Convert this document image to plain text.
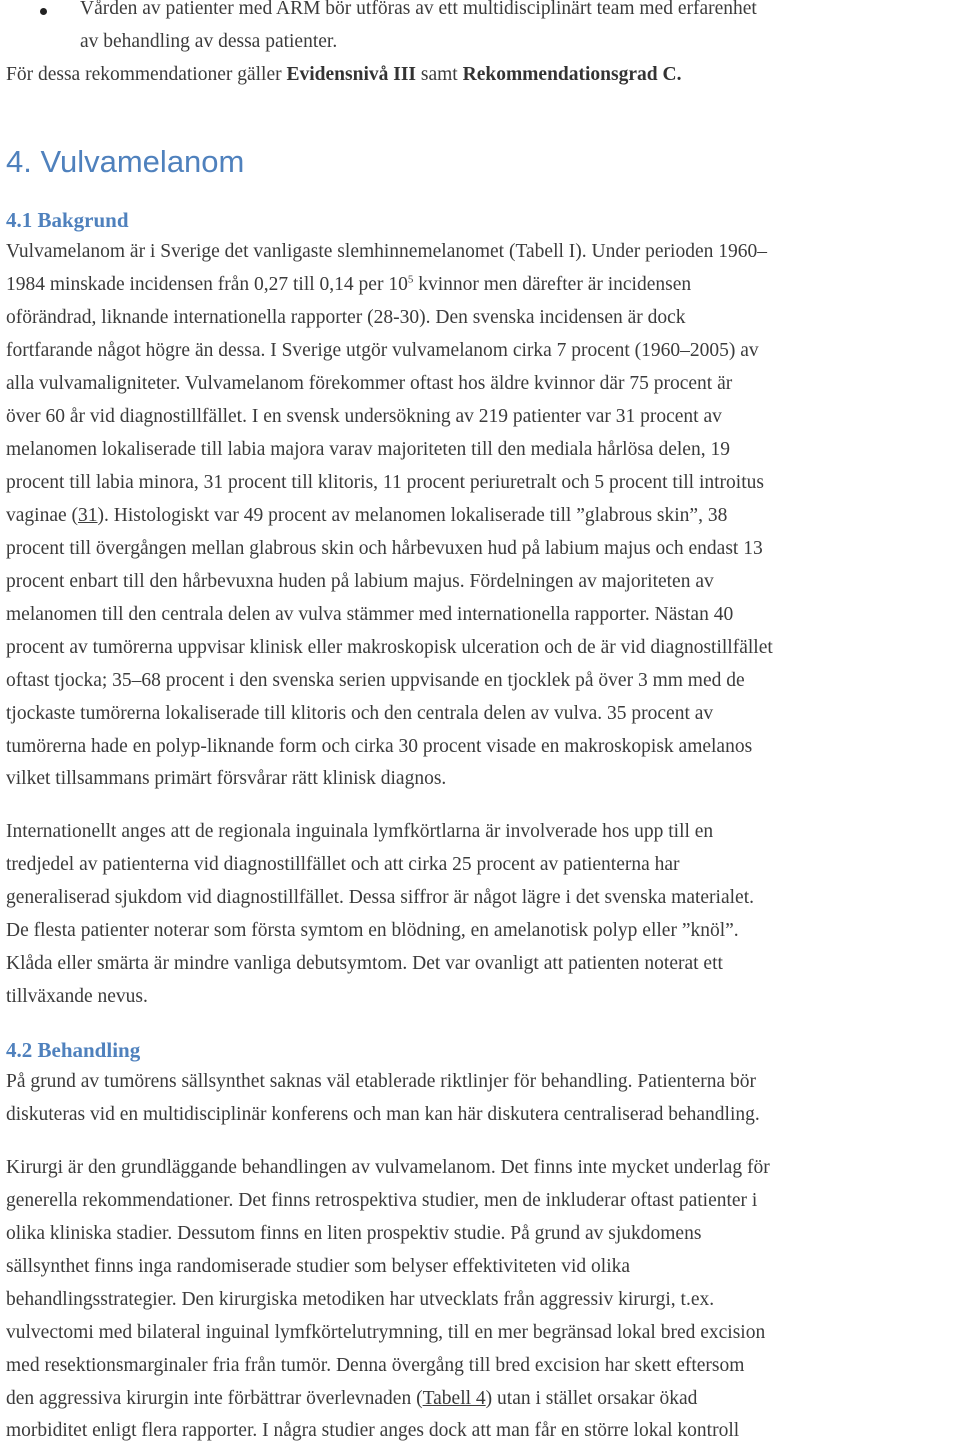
Vården av patienter med ARM bör utföras av ett multidisciplinärt team med erfarenhet
av behandling av dessa patienter.
För dessa rekommendationer gäller Evidensnivå III samt Rekommendationsgrad C.
4. Vulvamelanom
4.1 Bakgrund
Vulvamelanom är i Sverige det vanligaste slemhinnemelanomet (Tabell I). Under perioden 1960–
1984 minskade incidensen från 0,27 till 0,14 per $10^5$ kvinnor men därefter är incidensen
oförändrad, liknande internationella rapporter (28-30). Den svenska incidensen är dock
fortfarande något högre än dessa. I Sverige utgör vulvamelanom cirka 7 procent (1960–2005) av
alla vulvamaligniteter. Vulvamelanom förekommer oftast hos äldre kvinnor där 75 procent är
över 60 år vid diagnostillfället. I en svensk undersökning av 219 patienter var 31 procent av
melanomen lokaliserade till labia majora varav majoriteten till den mediala hårlösa delen, 19
procent till labia minora, 31 procent till klitoris, 11 procent periuretralt och 5 procent till introitus
vaginae (31). Histologiskt var 49 procent av melanomen lokaliserade till ”glabrous skin”, 38
procent till övergången mellan glabrous skin och hårbevuxen hud på labium majus och endast 13
procent enbart till den hårbevuxna huden på labium majus. Fördelningen av majoriteten av
melanomen till den centrala delen av vulva stämmer med internationella rapporter. Nästan 40
procent av tumörerna uppvisar klinisk eller makroskopisk ulceration och de är vid diagnostillfället
oftast tjocka; 35–68 procent i den svenska serien uppvisande en tjocklek på över 3 mm med de
tjockaste tumörerna lokaliserade till klitoris och den centrala delen av vulva. 35 procent av
tumörerna hade en polyp-liknande form och cirka 30 procent visade en makroskopisk amelanos
vilket tillsammans primärt försvårar rätt klinisk diagnos.
Internationellt anges att de regionala inguinala lymfkörtlarna är involverade hos upp till en
tredjedel av patienterna vid diagnostillfället och att cirka 25 procent av patienterna har
generaliserad sjukdom vid diagnostillfället. Dessa siffror är något lägre i det svenska materialet.
De flesta patienter noterar som första symtom en blödning, en amelanotisk polyp eller ”knöl”.
Klåda eller smärta är mindre vanliga debutsymtom. Det var ovanligt att patienten noterat ett
tillväxande nevus.
4.2 Behandling
På grund av tumörens sällsynthet saknas väl etablerade riktlinjer för behandling. Patienterna bör
diskuteras vid en multidisciplinär konferens och man kan här diskutera centraliserad behandling.
Kirurgi är den grundläggande behandlingen av vulvamelanom. Det finns inte mycket underlag för
generella rekommendationer. Det finns retrospektiva studier, men de inkluderar oftast patienter i
olika kliniska stadier. Dessutom finns en liten prospektiv studie. På grund av sjukdomens
sällsynthet finns inga randomiserade studier som belyser effektiviteten vid olika
behandlingsstrategier. Den kirurgiska metodiken har utvecklats från aggressiv kirurgi, t.ex.
vulvectomi med bilateral inguinal lymfkörtelutrymning, till en mer begränsad lokal bred excision
med resektionsmarginaler fria från tumör. Denna övergång till bred excision har skett eftersom
den aggressiva kirurgin inte förbättrar överlevnaden (Tabell 4) utan i stället orsakar ökad
morbiditet enligt flera rapporter. I några studier anges dock att man får en större lokal kontroll
